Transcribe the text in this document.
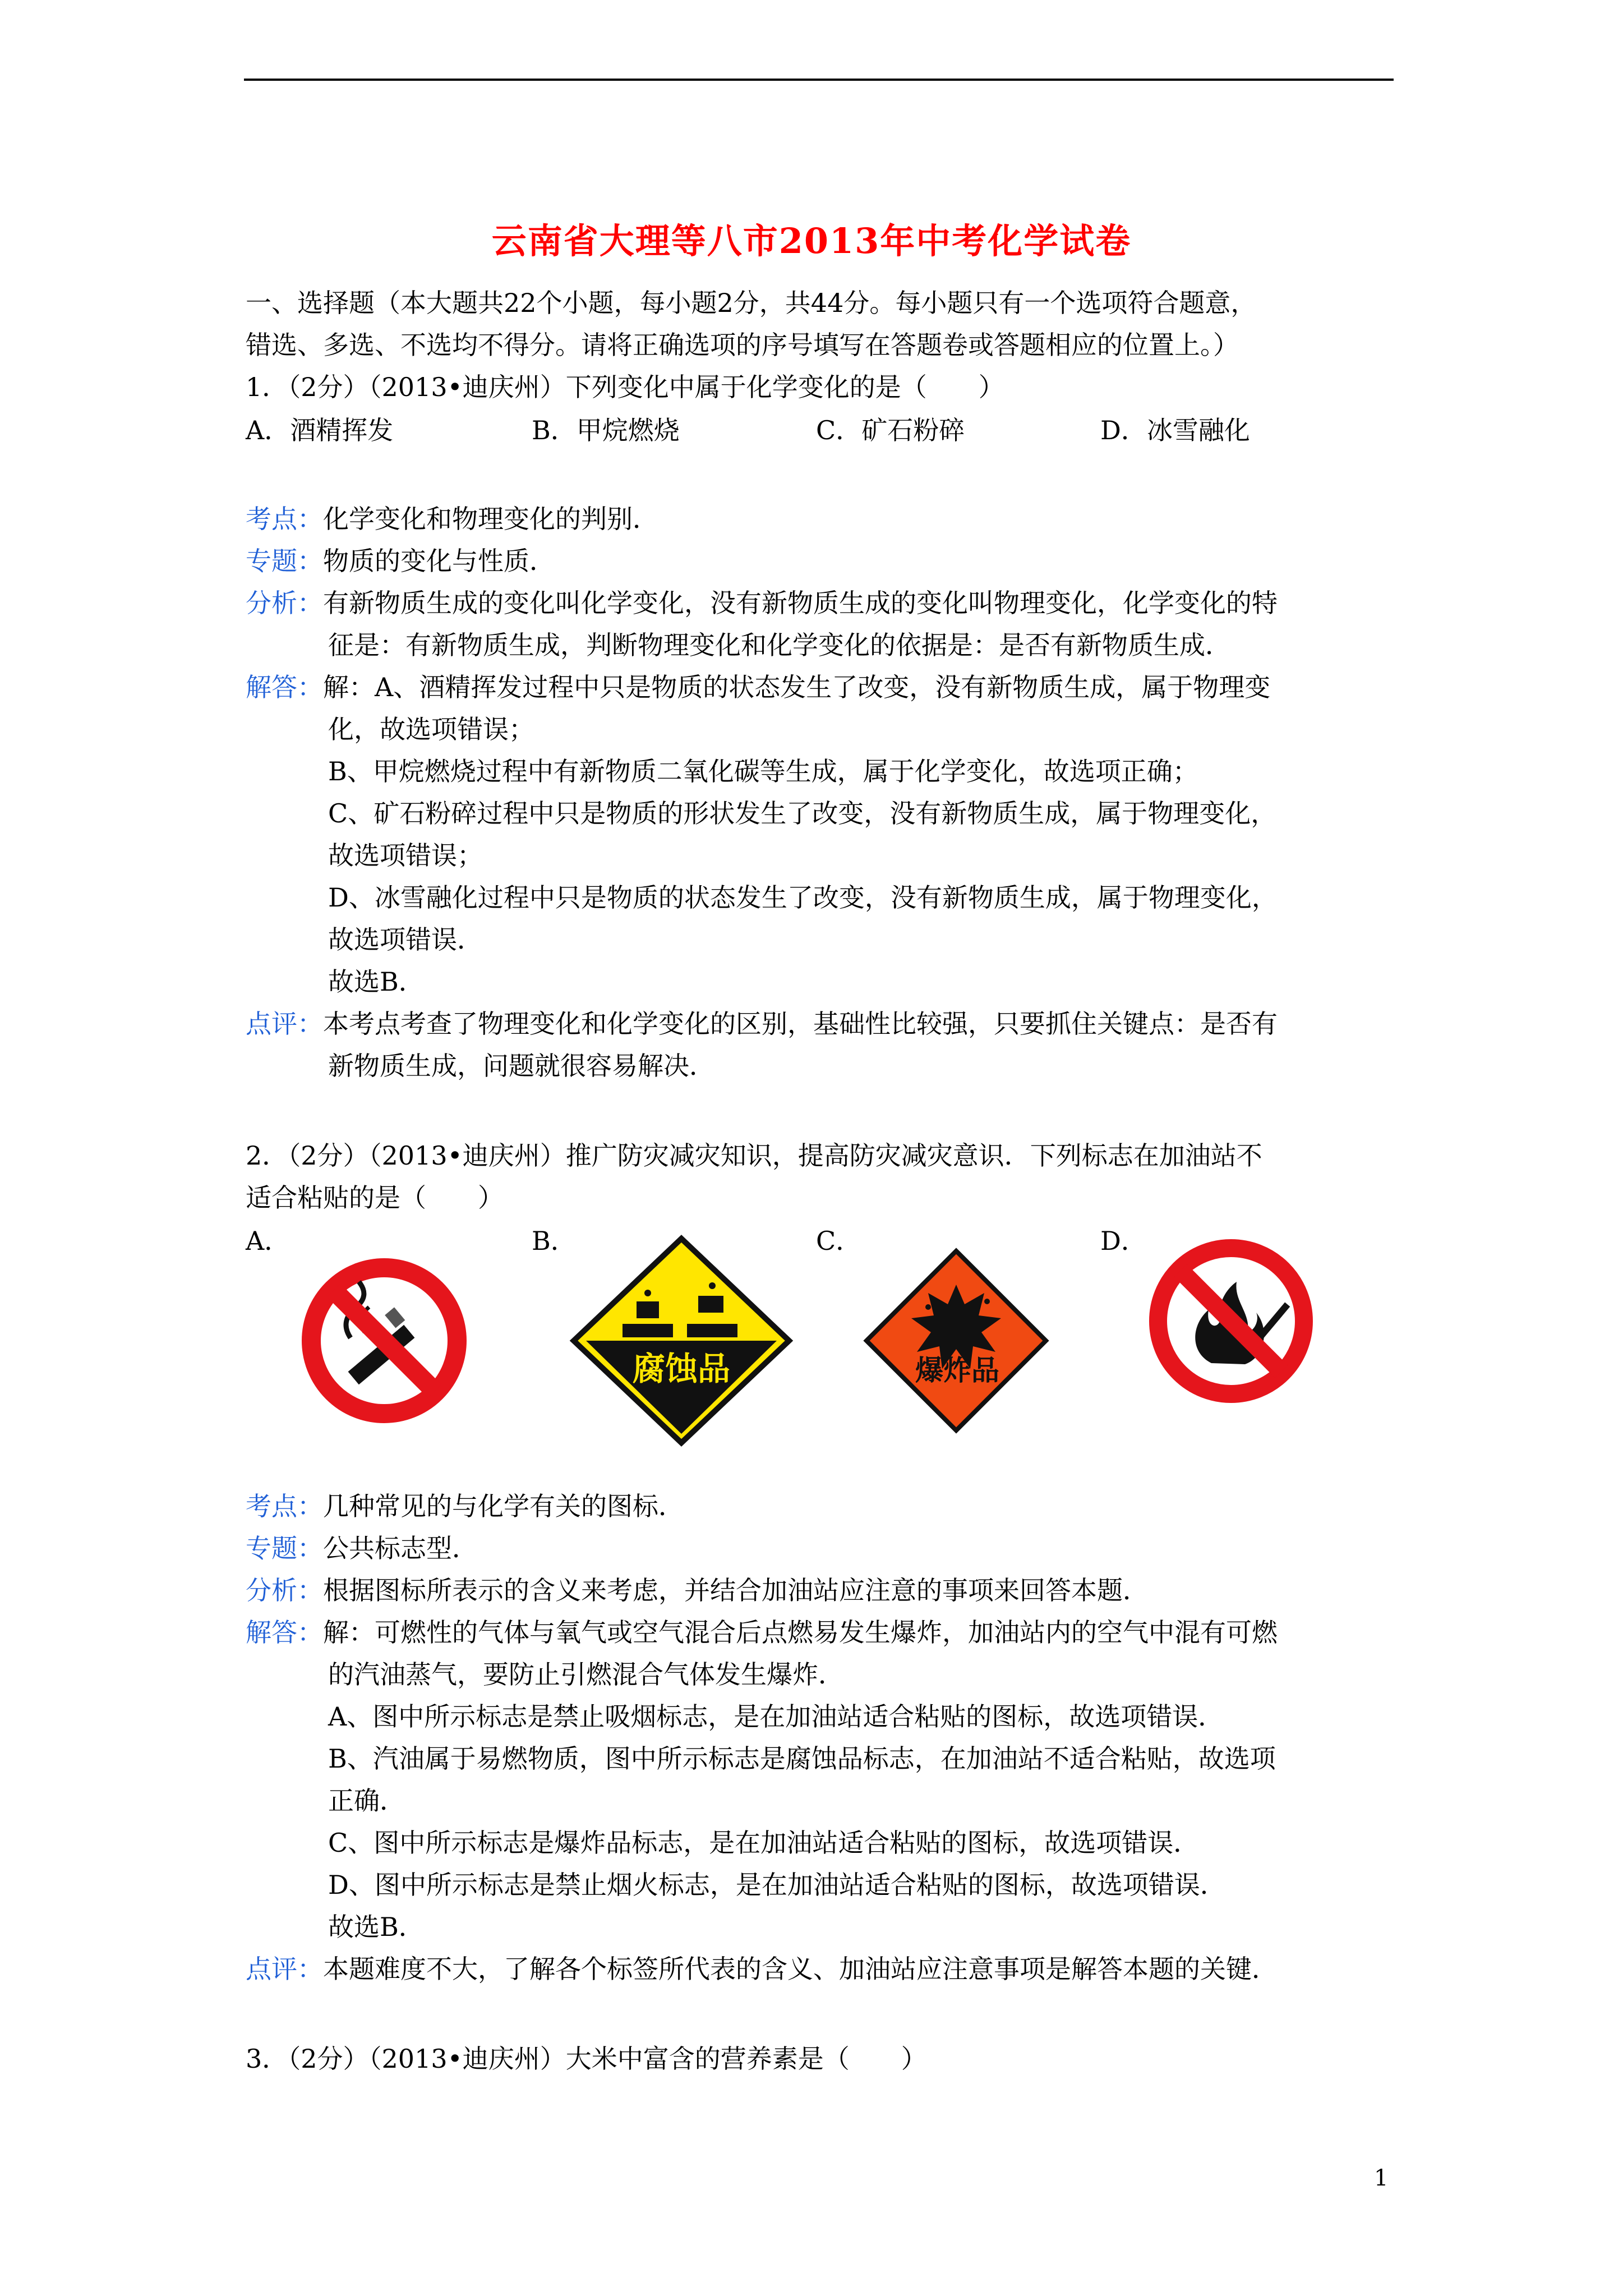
云南省大理等八市2013年中考化学试卷
一、选择题（本大题共22个小题，每小题2分，共44分。每小题只有一个选项符合题意，
错选、多选、不选均不得分。请将正确选项的序号填写在答题卷或答题相应的位置上。）
1．（2分）（2013•迪庆州）下列变化中属于化学变化的是（　　）
A．酒精挥发	B．甲烷燃烧	C．矿石粉碎	D．冰雪融化
考点：化学变化和物理变化的判别．
专题：物质的变化与性质．
分析：有新物质生成的变化叫化学变化，没有新物质生成的变化叫物理变化，化学变化的特
征是：有新物质生成，判断物理变化和化学变化的依据是：是否有新物质生成．
解答：解：A、酒精挥发过程中只是物质的状态发生了改变，没有新物质生成，属于物理变
化，故选项错误；
B、甲烷燃烧过程中有新物质二氧化碳等生成，属于化学变化，故选项正确；
C、矿石粉碎过程中只是物质的形状发生了改变，没有新物质生成，属于物理变化，
故选项错误；
D、冰雪融化过程中只是物质的状态发生了改变，没有新物质生成，属于物理变化，
故选项错误．
故选B．
点评：本考点考查了物理变化和化学变化的区别，基础性比较强，只要抓住关键点：是否有
新物质生成，问题就很容易解决．
2．（2分）（2013•迪庆州）推广防灾减灾知识，提高防灾减灾意识．下列标志在加油站不
适合粘贴的是（　　）
A．	B．	C．	D．
腐蚀品	爆炸品
考点：几种常见的与化学有关的图标．
专题：公共标志型．
分析：根据图标所表示的含义来考虑，并结合加油站应注意的事项来回答本题．
解答：解：可燃性的气体与氧气或空气混合后点燃易发生爆炸，加油站内的空气中混有可燃
的汽油蒸气，要防止引燃混合气体发生爆炸．
A、图中所示标志是禁止吸烟标志，是在加油站适合粘贴的图标，故选项错误．
B、汽油属于易燃物质，图中所示标志是腐蚀品标志，在加油站不适合粘贴，故选项
正确．
C、图中所示标志是爆炸品标志，是在加油站适合粘贴的图标，故选项错误．
D、图中所示标志是禁止烟火标志，是在加油站适合粘贴的图标，故选项错误．
故选B．
点评：本题难度不大，了解各个标签所代表的含义、加油站应注意事项是解答本题的关键．
3．（2分）（2013•迪庆州）大米中富含的营养素是（　　）
1
